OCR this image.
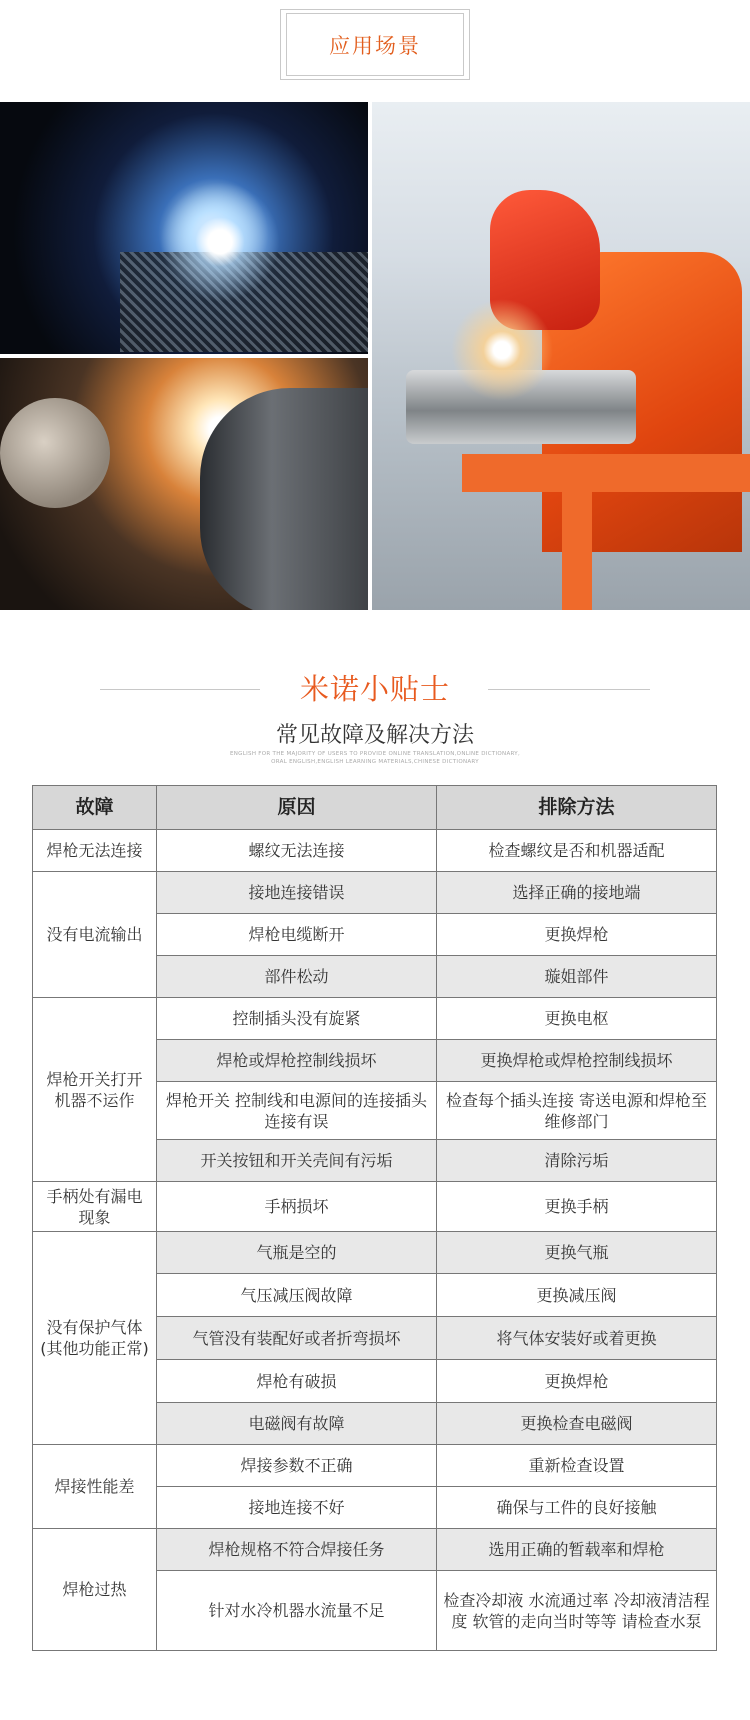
应用场景
米诺小贴士
常见故障及解决方法
ENGLISH FOR THE MAJORITY OF USERS TO PROVIDE ONLINE TRANSLATION,ONLINE DICTIONARY,
ORAL ENGLISH,ENGLISH LEARNING MATERIALS,CHINESE DICTIONARY
故障	原因	排除方法
焊枪无法连接	螺纹无法连接	检查螺纹是否和机器适配
没有电流输出	接地连接错误	选择正确的接地端
	焊枪电缆断开	更换焊枪
	部件松动	璇姐部件
焊枪开关打开机器不运作	控制插头没有旋紧	更换电枢
	焊枪或焊枪控制线损坏	更换焊枪或焊枪控制线损坏
	焊枪开关 控制线和电源间的连接插头连接有误	检查每个插头连接 寄送电源和焊枪至维修部门
	开关按钮和开关壳间有污垢	清除污垢
手柄处有漏电现象	手柄损坏	更换手柄
没有保护气体(其他功能正常)	气瓶是空的	更换气瓶
	气压减压阀故障	更换减压阀
	气管没有装配好或者折弯损坏	将气体安装好或着更换
	焊枪有破损	更换焊枪
	电磁阀有故障	更换检查电磁阀
焊接性能差	焊接参数不正确	重新检查设置
	接地连接不好	确保与工件的良好接触
焊枪过热	焊枪规格不符合焊接任务	选用正确的暂载率和焊枪
	针对水冷机器水流量不足	检查冷却液 水流通过率 冷却液清洁程度 软管的走向当时等等 请检查水泵
